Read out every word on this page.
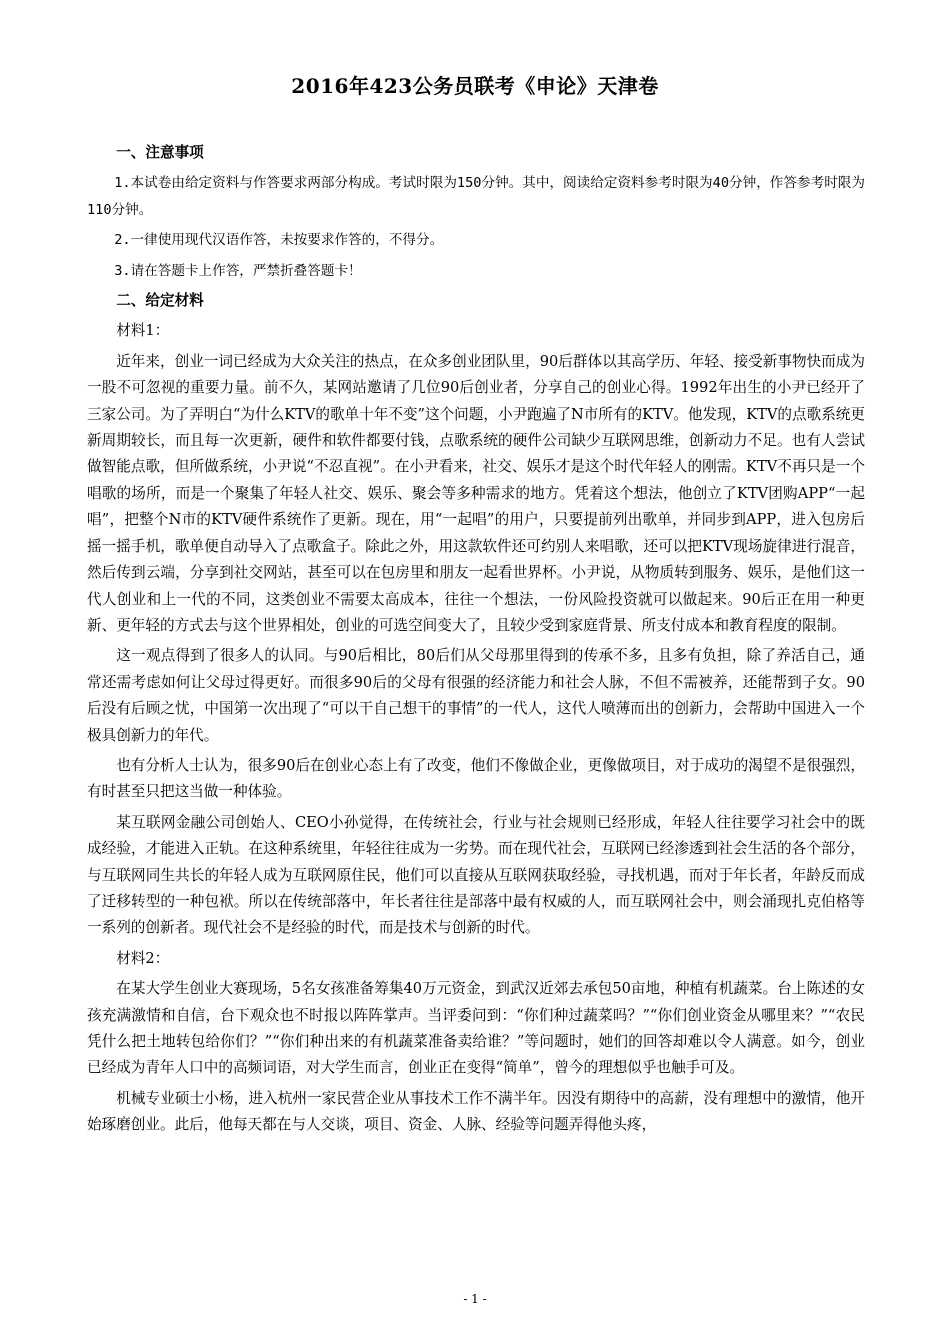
2016年423公务员联考《申论》天津卷
一、注意事项

1.本试卷由给定资料与作答要求两部分构成。考试时限为150分钟。其中，阅读给定资料参考时限为40分钟，作答参考时限为110分钟。

2.一律使用现代汉语作答，未按要求作答的，不得分。

3.请在答题卡上作答，严禁折叠答题卡！

二、给定材料

材料1：

近年来，创业一词已经成为大众关注的热点，在众多创业团队里，90后群体以其高学历、年轻、接受新事物快而成为一股不可忽视的重要力量。前不久，某网站邀请了几位90后创业者，分享自己的创业心得。1992年出生的小尹已经开了三家公司。为了弄明白“为什么KTV的歌单十年不变”这个问题，小尹跑遍了N市所有的KTV。他发现，KTV的点歌系统更新周期较长，而且每一次更新，硬件和软件都要付钱，点歌系统的硬件公司缺少互联网思维，创新动力不足。也有人尝试做智能点歌，但所做系统，小尹说“不忍直视”。在小尹看来，社交、娱乐才是这个时代年轻人的刚需。KTV不再只是一个唱歌的场所，而是一个聚集了年轻人社交、娱乐、聚会等多种需求的地方。凭着这个想法，他创立了KTV团购APP“一起唱”，把整个N市的KTV硬件系统作了更新。现在，用“一起唱”的用户，只要提前列出歌单，并同步到APP，进入包房后摇一摇手机，歌单便自动导入了点歌盒子。除此之外，用这款软件还可约别人来唱歌，还可以把KTV现场旋律进行混音，然后传到云端，分享到社交网站，甚至可以在包房里和朋友一起看世界杯。小尹说，从物质转到服务、娱乐，是他们这一代人创业和上一代的不同，这类创业不需要太高成本，往往一个想法，一份风险投资就可以做起来。90后正在用一种更新、更年轻的方式去与这个世界相处，创业的可选空间变大了，且较少受到家庭背景、所支付成本和教育程度的限制。

这一观点得到了很多人的认同。与90后相比，80后们从父母那里得到的传承不多，且多有负担，除了养活自己，通常还需考虑如何让父母过得更好。而很多90后的父母有很强的经济能力和社会人脉，不但不需被养，还能帮到子女。90后没有后顾之忧，中国第一次出现了“可以干自己想干的事情”的一代人，这代人喷薄而出的创新力，会帮助中国进入一个极具创新力的年代。

也有分析人士认为，很多90后在创业心态上有了改变，他们不像做企业，更像做项目，对于成功的渴望不是很强烈，有时甚至只把这当做一种体验。

某互联网金融公司创始人、CEO小孙觉得，在传统社会，行业与社会规则已经形成，年轻人往往要学习社会中的既成经验，才能进入正轨。在这种系统里，年轻往往成为一劣势。而在现代社会，互联网已经渗透到社会生活的各个部分，与互联网同生共长的年轻人成为互联网原住民，他们可以直接从互联网获取经验，寻找机遇，而对于年长者，年龄反而成了迁移转型的一种包袱。所以在传统部落中，年长者往往是部落中最有权威的人，而互联网社会中，则会涌现扎克伯格等一系列的创新者。现代社会不是经验的时代，而是技术与创新的时代。

材料2：

在某大学生创业大赛现场，5名女孩准备筹集40万元资金，到武汉近郊去承包50亩地，种植有机蔬菜。台上陈述的女孩充满激情和自信，台下观众也不时报以阵阵掌声。当评委问到：“你们种过蔬菜吗？”“你们创业资金从哪里来？”“农民凭什么把土地转包给你们？”“你们种出来的有机蔬菜准备卖给谁？”等问题时，她们的回答却难以令人满意。如今，创业已经成为青年人口中的高频词语，对大学生而言，创业正在变得“简单”，曾今的理想似乎也触手可及。

机械专业硕士小杨，进入杭州一家民营企业从事技术工作不满半年。因没有期待中的高薪，没有理想中的激情，他开始琢磨创业。此后，他每天都在与人交谈，项目、资金、人脉、经验等问题弄得他头疼，

- 1 -
